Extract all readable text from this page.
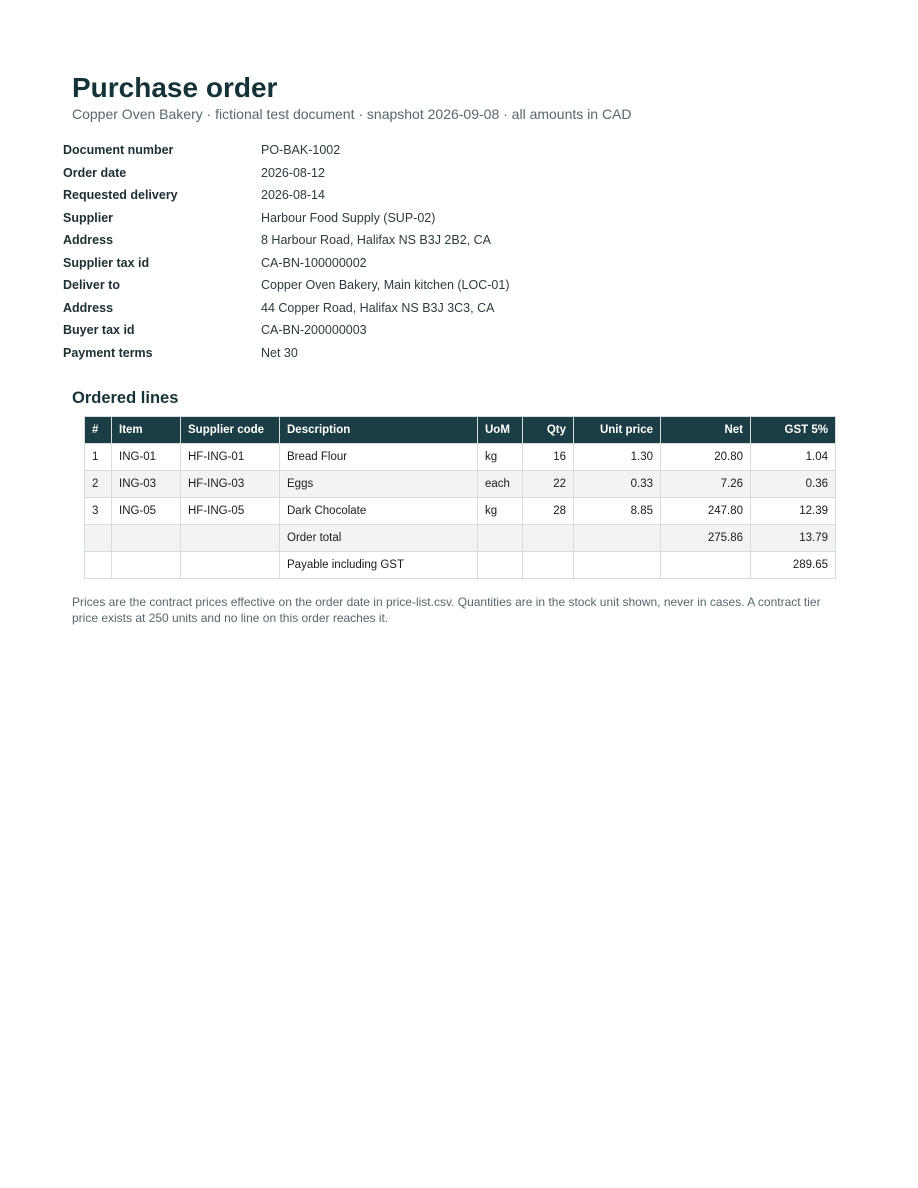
Purchase order
Copper Oven Bakery · fictional test document · snapshot 2026-09-08 · all amounts in CAD
Document number	PO-BAK-1002
Order date	2026-08-12
Requested delivery	2026-08-14
Supplier	Harbour Food Supply (SUP-02)
Address	8 Harbour Road, Halifax NS B3J 2B2, CA
Supplier tax id	CA-BN-100000002
Deliver to	Copper Oven Bakery, Main kitchen (LOC-01)
Address	44 Copper Road, Halifax NS B3J 3C3, CA
Buyer tax id	CA-BN-200000003
Payment terms	Net 30
Ordered lines
#	Item	Supplier code	Description	UoM	Qty	Unit price	Net	GST 5%
1	ING-01	HF-ING-01	Bread Flour	kg	16	1.30	20.80	1.04
2	ING-03	HF-ING-03	Eggs	each	22	0.33	7.26	0.36
3	ING-05	HF-ING-05	Dark Chocolate	kg	28	8.85	247.80	12.39
			Order total				275.86	13.79
			Payable including GST					289.65
Prices are the contract prices effective on the order date in price-list.csv. Quantities are in the stock unit shown, never in cases. A contract tier price exists at 250 units and no line on this order reaches it.
